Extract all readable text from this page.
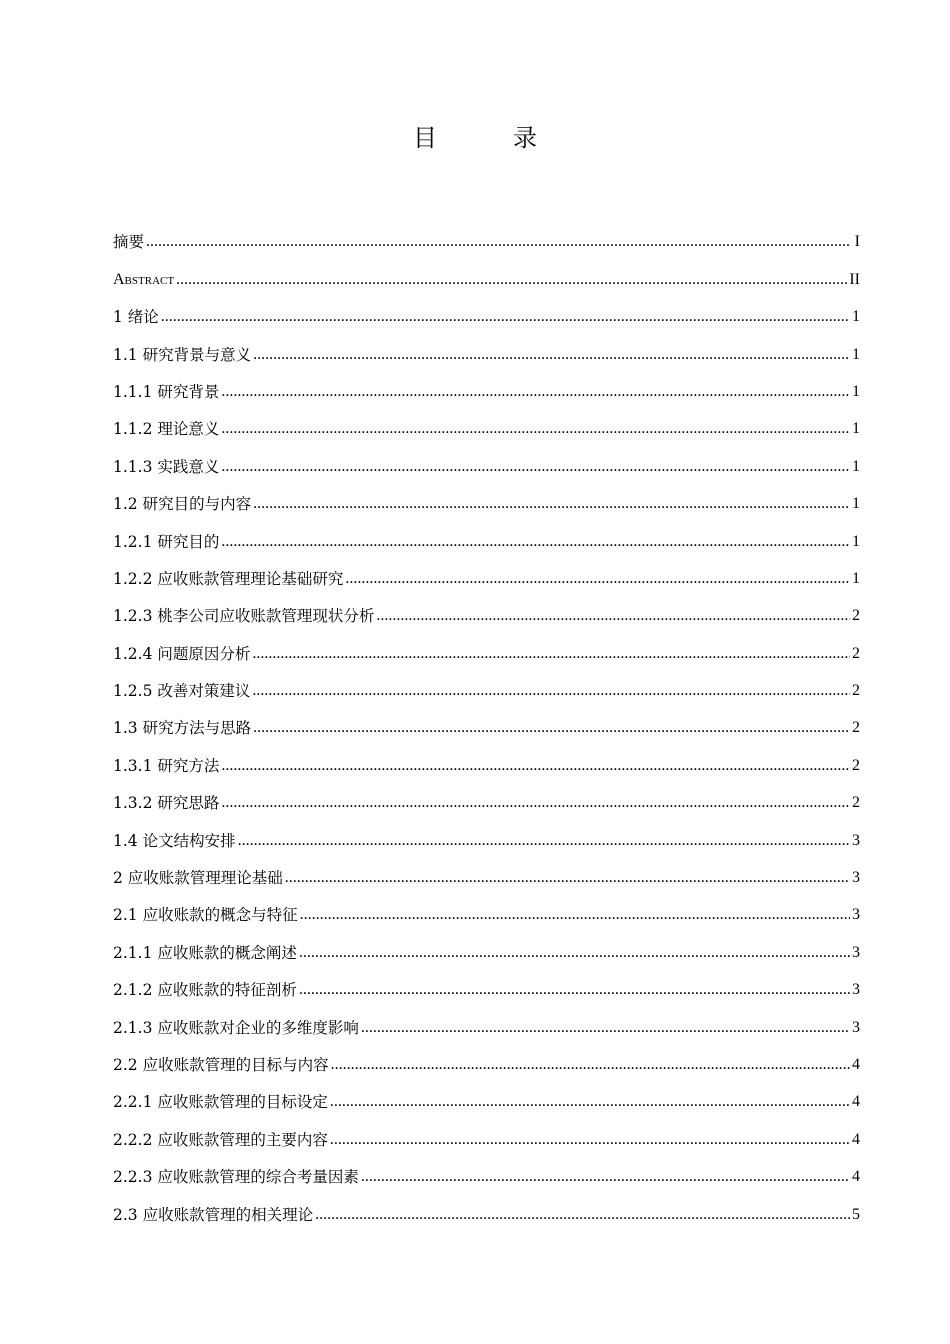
目　录
摘要 .....	I
Abstract .....	II
1 绪论 .....	1
1.1 研究背景与意义 .....	1
1.1.1 研究背景 .....	1
1.1.2 理论意义 .....	1
1.1.3 实践意义 .....	1
1.2 研究目的与内容 .....	1
1.2.1 研究目的 .....	1
1.2.2 应收账款管理理论基础研究 .....	1
1.2.3 桃李公司应收账款管理现状分析 .....	2
1.2.4 问题原因分析 .....	2
1.2.5 改善对策建议 .....	2
1.3 研究方法与思路 .....	2
1.3.1 研究方法 .....	2
1.3.2 研究思路 .....	2
1.4 论文结构安排 .....	3
2 应收账款管理理论基础 .....	3
2.1 应收账款的概念与特征 .....	3
2.1.1 应收账款的概念阐述 .....	3
2.1.2 应收账款的特征剖析 .....	3
2.1.3 应收账款对企业的多维度影响 .....	3
2.2 应收账款管理的目标与内容 .....	4
2.2.1 应收账款管理的目标设定 .....	4
2.2.2 应收账款管理的主要内容 .....	4
2.2.3 应收账款管理的综合考量因素 .....	4
2.3 应收账款管理的相关理论 .....	5
